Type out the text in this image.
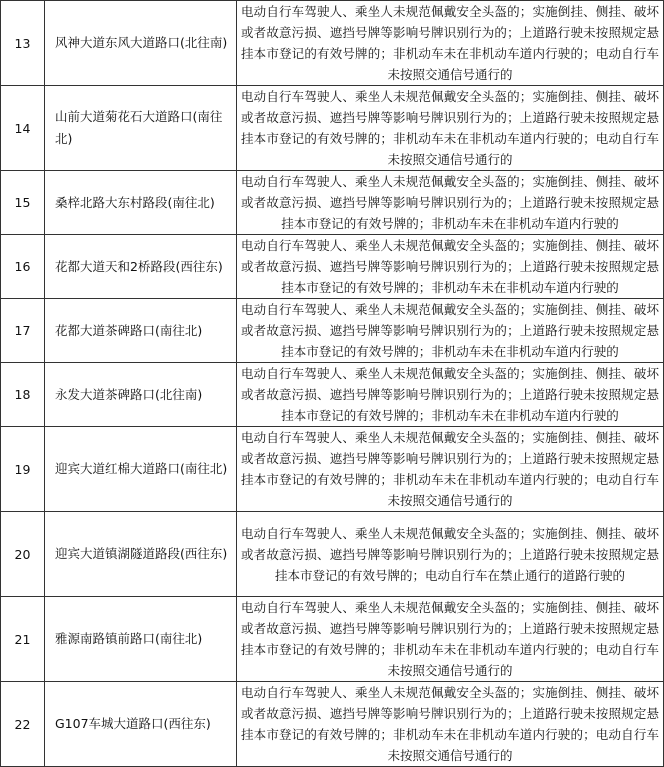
13	风神大道东风大道路口(北往南)	电动自行车驾驶人、乘坐人未规范佩戴安全头盔的；实施倒挂、侧挂、破坏或者故意污损、遮挡号牌等影响号牌识别行为的；上道路行驶未按照规定悬挂本市登记的有效号牌的；非机动车未在非机动车道内行驶的；电动自行车未按照交通信号通行的
14	山前大道菊花石大道路口(南往北)	电动自行车驾驶人、乘坐人未规范佩戴安全头盔的；实施倒挂、侧挂、破坏或者故意污损、遮挡号牌等影响号牌识别行为的；上道路行驶未按照规定悬挂本市登记的有效号牌的；非机动车未在非机动车道内行驶的；电动自行车未按照交通信号通行的
15	桑梓北路大东村路段(南往北)	电动自行车驾驶人、乘坐人未规范佩戴安全头盔的；实施倒挂、侧挂、破坏或者故意污损、遮挡号牌等影响号牌识别行为的；上道路行驶未按照规定悬挂本市登记的有效号牌的；非机动车未在非机动车道内行驶的
16	花都大道天和2桥路段(西往东)	电动自行车驾驶人、乘坐人未规范佩戴安全头盔的；实施倒挂、侧挂、破坏或者故意污损、遮挡号牌等影响号牌识别行为的；上道路行驶未按照规定悬挂本市登记的有效号牌的；非机动车未在非机动车道内行驶的
17	花都大道茶碑路口(南往北)	电动自行车驾驶人、乘坐人未规范佩戴安全头盔的；实施倒挂、侧挂、破坏或者故意污损、遮挡号牌等影响号牌识别行为的；上道路行驶未按照规定悬挂本市登记的有效号牌的；非机动车未在非机动车道内行驶的
18	永发大道茶碑路口(北往南)	电动自行车驾驶人、乘坐人未规范佩戴安全头盔的；实施倒挂、侧挂、破坏或者故意污损、遮挡号牌等影响号牌识别行为的；上道路行驶未按照规定悬挂本市登记的有效号牌的；非机动车未在非机动车道内行驶的
19	迎宾大道红棉大道路口(南往北)	电动自行车驾驶人、乘坐人未规范佩戴安全头盔的；实施倒挂、侧挂、破坏或者故意污损、遮挡号牌等影响号牌识别行为的；上道路行驶未按照规定悬挂本市登记的有效号牌的；非机动车未在非机动车道内行驶的；电动自行车未按照交通信号通行的
20	迎宾大道镇湖隧道路段(西往东)	电动自行车驾驶人、乘坐人未规范佩戴安全头盔的；实施倒挂、侧挂、破坏或者故意污损、遮挡号牌等影响号牌识别行为的；上道路行驶未按照规定悬挂本市登记的有效号牌的；电动自行车在禁止通行的道路行驶的
21	雅源南路镇前路口(南往北)	电动自行车驾驶人、乘坐人未规范佩戴安全头盔的；实施倒挂、侧挂、破坏或者故意污损、遮挡号牌等影响号牌识别行为的；上道路行驶未按照规定悬挂本市登记的有效号牌的；非机动车未在非机动车道内行驶的；电动自行车未按照交通信号通行的
22	G107车城大道路口(西往东)	电动自行车驾驶人、乘坐人未规范佩戴安全头盔的；实施倒挂、侧挂、破坏或者故意污损、遮挡号牌等影响号牌识别行为的；上道路行驶未按照规定悬挂本市登记的有效号牌的；非机动车未在非机动车道内行驶的；电动自行车未按照交通信号通行的
